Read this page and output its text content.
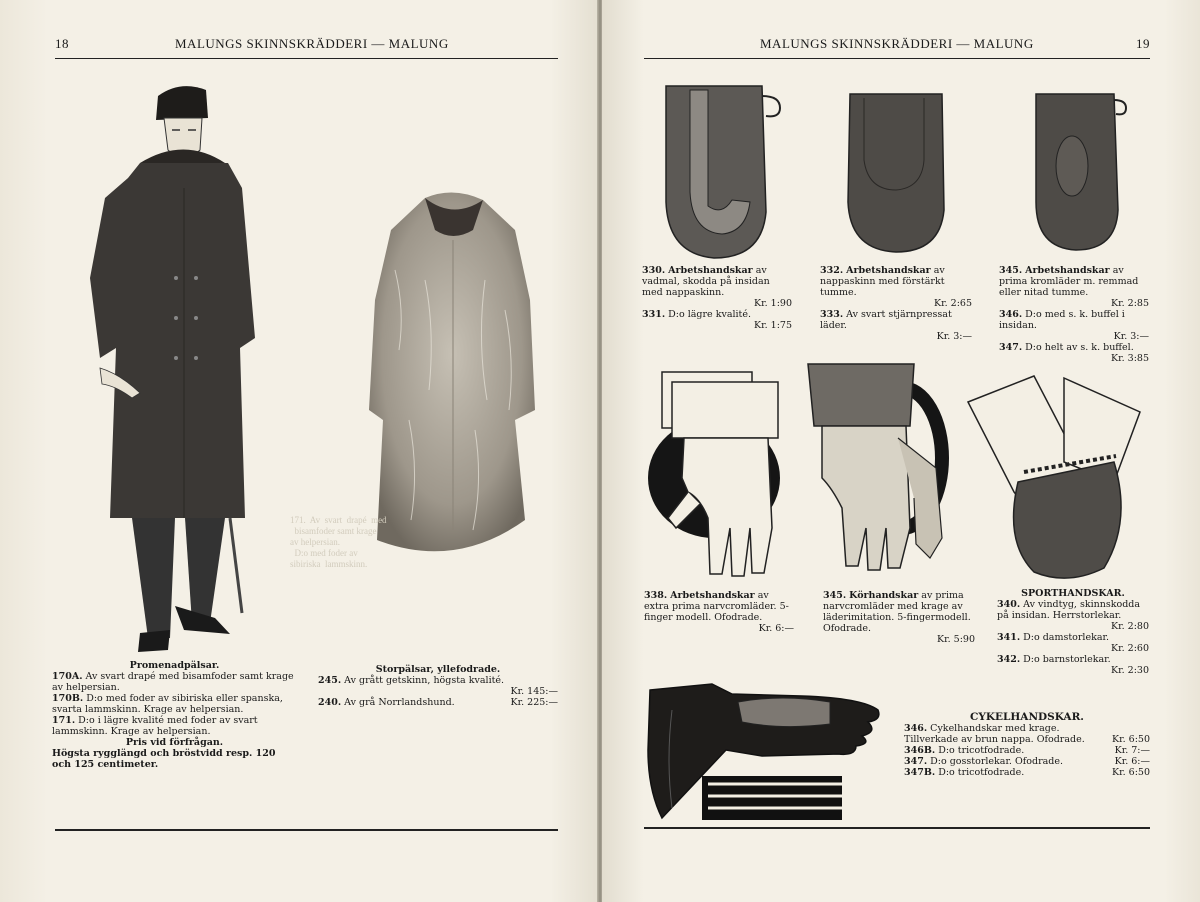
18	MALUNGS SKINNSKRÄDDERI — MALUNG
171.  Av  svart  drapé  med
bisamfoder samt krage
av helpersian.
D:o med foder av
sibiriska  lammskinn.
Promenadpälsar.
170A. Av svart drapé med bisamfoder samt krage av helpersian.
170B. D:o med foder av sibiriska eller spanska, svarta lammskinn. Krage av helpersian.
171. D:o i lägre kvalité med foder av svart lammskinn. Krage av helpersian.
Pris vid förfrågan.
Högsta rygglängd och bröstvidd resp. 120 och 125 centimeter.
Storpälsar, yllefodrade.
245. Av grått getskinn, högsta kvalité.
Kr. 145:—
240. Av grå Norrlandshund.	Kr. 225:—
MALUNGS SKINNSKRÄDDERI — MALUNG	19
330. Arbetshandskar av vadmal, skodda på insidan med nappaskinn.
Kr. 1:90
331. D:o lägre kvalité.
Kr. 1:75
332. Arbetshandskar av nappaskinn med förstärkt tumme.
Kr. 2:65
333. Av svart stjärnpressat läder.
Kr. 3:—
345. Arbetshandskar av prima kromläder m. remmad eller nitad tumme.
Kr. 2:85
346. D:o med s. k. buffel i insidan.
Kr. 3:—
347. D:o helt av s. k. buffel.
Kr. 3:85
338. Arbetshandskar av extra prima narvcromläder. 5-finger modell. Ofodrade.
Kr. 6:—
345. Körhandskar av prima narvcromläder med krage av läderimitation. 5-fingermodell. Ofodrade.
Kr. 5:90
SPORTHANDSKAR.
340. Av vindtyg, skinnskodda på insidan. Herrstorlekar.
Kr. 2:80
341. D:o damstorlekar.
Kr. 2:60
342. D:o barnstorlekar.
Kr. 2:30
CYKELHANDSKAR.
346. Cykelhandskar med krage. Tillverkade av brun nappa. Ofodrade.	Kr. 6:50
346B. D:o tricotfodrade.	Kr. 7:—
347. D:o gosstorlekar. Ofodrade.	Kr. 6:—
347B. D:o tricotfodrade.	Kr. 6:50
